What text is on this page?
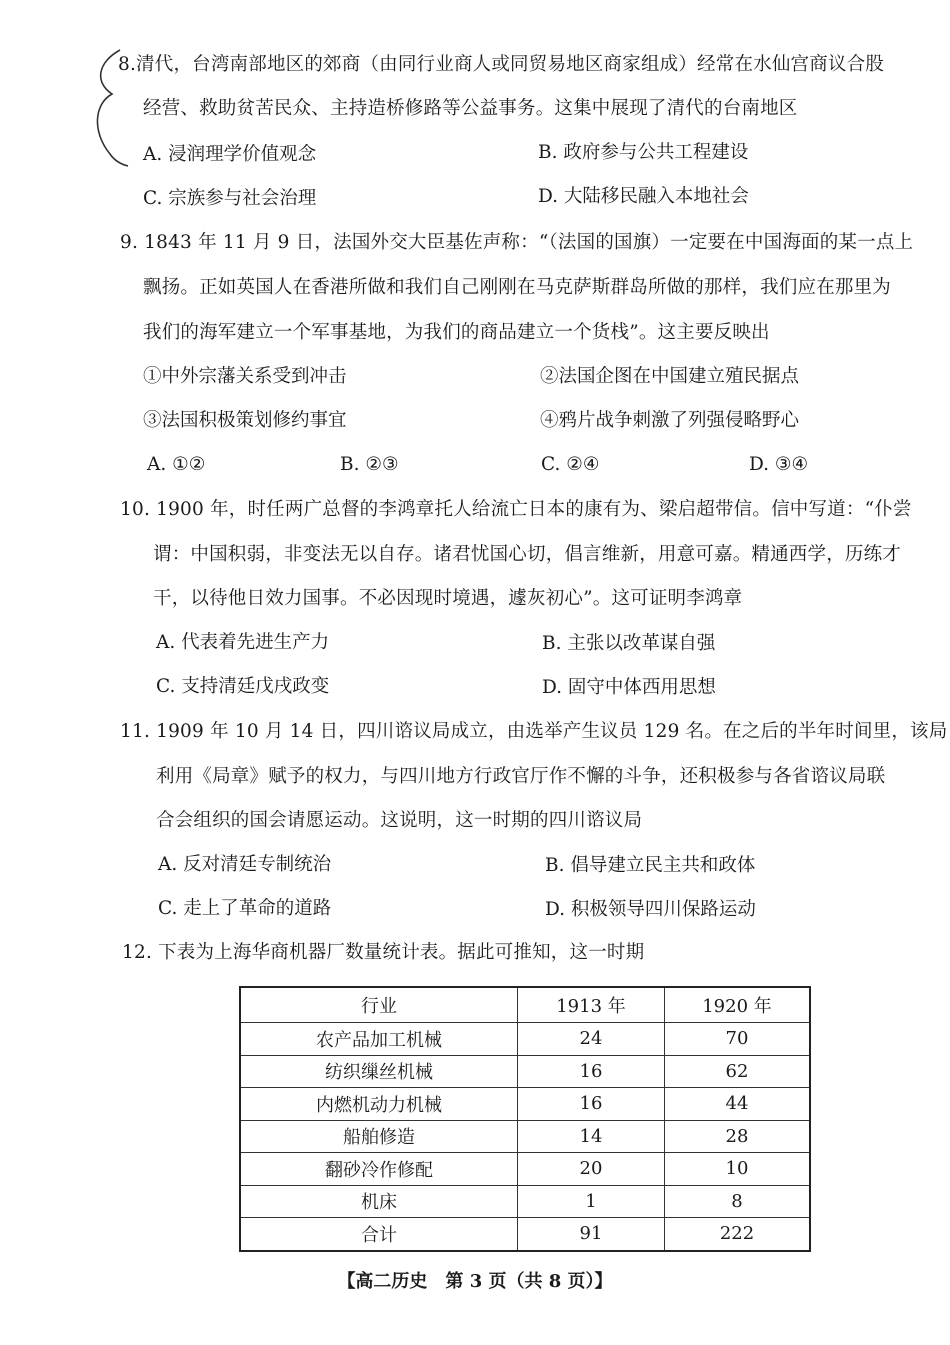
8.清代，台湾南部地区的郊商（由同行业商人或同贸易地区商家组成）经常在水仙宫商议合股
经营、救助贫苦民众、主持造桥修路等公益事务。这集中展现了清代的台南地区
A. 浸润理学价值观念	B. 政府参与公共工程建设
C. 宗族参与社会治理	D. 大陆移民融入本地社会
9. 1843 年 11 月 9 日，法国外交大臣基佐声称：“（法国的国旗）一定要在中国海面的某一点上
飘扬。正如英国人在香港所做和我们自己刚刚在马克萨斯群岛所做的那样，我们应在那里为
我们的海军建立一个军事基地，为我们的商品建立一个货栈”。这主要反映出
①中外宗藩关系受到冲击	②法国企图在中国建立殖民据点
③法国积极策划修约事宜	④鸦片战争刺激了列强侵略野心
A. ①②	B. ②③	C. ②④	D. ③④
10. 1900 年，时任两广总督的李鸿章托人给流亡日本的康有为、梁启超带信。信中写道：“仆尝
谓：中国积弱，非变法无以自存。诸君忧国心切，倡言维新，用意可嘉。精通西学，历练才
干，以待他日效力国事。不必因现时境遇，遽灰初心”。这可证明李鸿章
A. 代表着先进生产力	B. 主张以改革谋自强
C. 支持清廷戊戌政变	D. 固守中体西用思想
11. 1909 年 10 月 14 日，四川谘议局成立，由选举产生议员 129 名。在之后的半年时间里，该局
利用《局章》赋予的权力，与四川地方行政官厅作不懈的斗争，还积极参与各省谘议局联
合会组织的国会请愿运动。这说明，这一时期的四川谘议局
A. 反对清廷专制统治	B. 倡导建立民主共和政体
C. 走上了革命的道路	D. 积极领导四川保路运动
12. 下表为上海华商机器厂数量统计表。据此可推知，这一时期
行业	1913 年	1920 年
农产品加工机械	24	70
纺织缫丝机械	16	62
内燃机动力机械	16	44
船舶修造	14	28
翻砂冷作修配	20	10
机床	1	8
合计	91	222
【高二历史　第 3 页（共 8 页）】
